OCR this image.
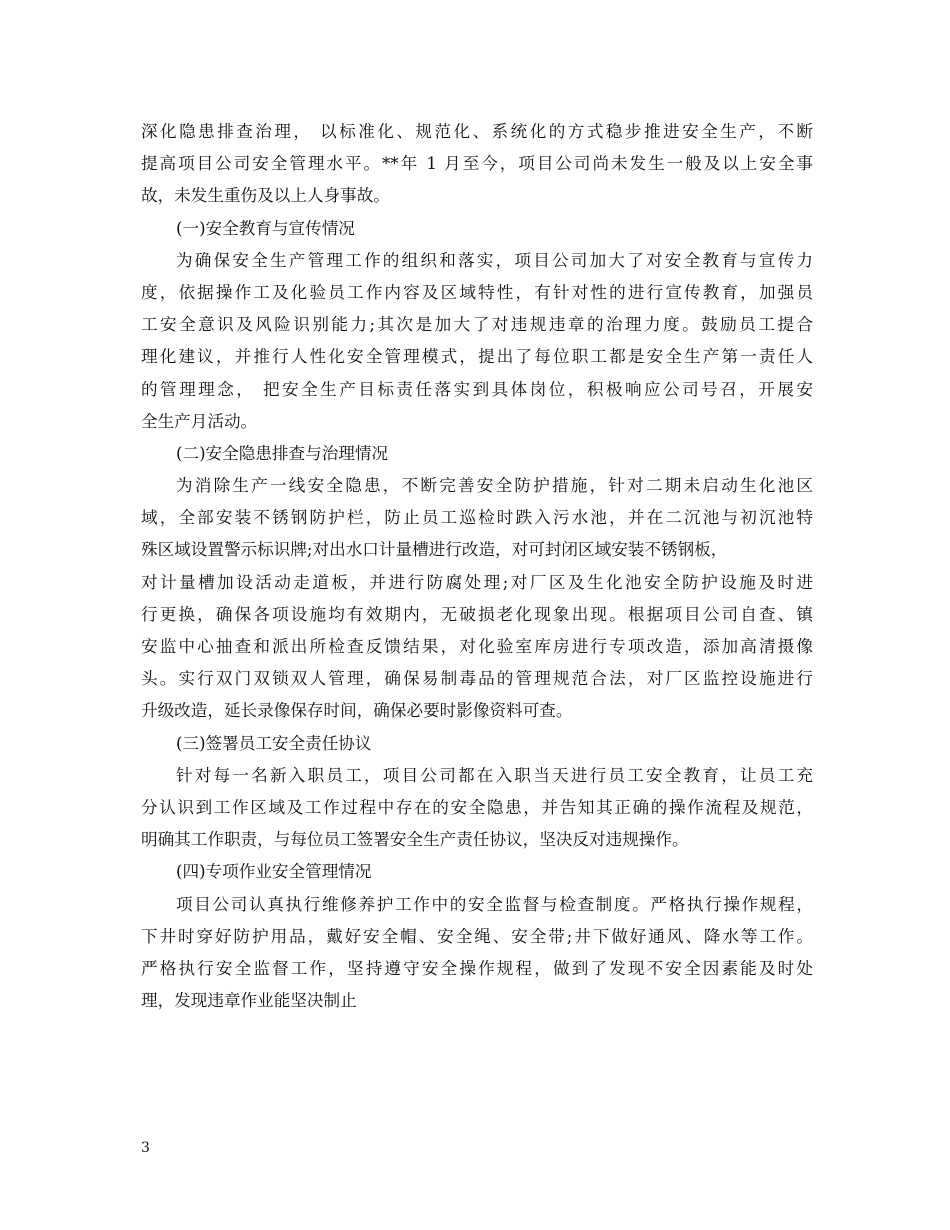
深化隐患排查治理， 以标准化、规范化、系统化的方式稳步推进安全生产，不断
提高项目公司安全管理水平。**年 1 月至今，项目公司尚未发生一般及以上安全事
故，未发生重伤及以上人身事故。
(一)安全教育与宣传情况
为确保安全生产管理工作的组织和落实，项目公司加大了对安全教育与宣传力
度，依据操作工及化验员工作内容及区域特性，有针对性的进行宣传教育，加强员
工安全意识及风险识别能力;其次是加大了对违规违章的治理力度。鼓励员工提合
理化建议，并推行人性化安全管理模式，提出了每位职工都是安全生产第一责任人
的管理理念， 把安全生产目标责任落实到具体岗位，积极响应公司号召，开展安
全生产月活动。
(二)安全隐患排查与治理情况
为消除生产一线安全隐患，不断完善安全防护措施，针对二期未启动生化池区
域，全部安装不锈钢防护栏，防止员工巡检时跌入污水池，并在二沉池与初沉池特
殊区域设置警示标识牌;对出水口计量槽进行改造，对可封闭区域安装不锈钢板，
对计量槽加设活动走道板，并进行防腐处理;对厂区及生化池安全防护设施及时进
行更换，确保各项设施均有效期内，无破损老化现象出现。根据项目公司自查、镇
安监中心抽查和派出所检查反馈结果，对化验室库房进行专项改造，添加高清摄像
头。实行双门双锁双人管理，确保易制毒品的管理规范合法，对厂区监控设施进行
升级改造，延长录像保存时间，确保必要时影像资料可查。
(三)签署员工安全责任协议
针对每一名新入职员工，项目公司都在入职当天进行员工安全教育，让员工充
分认识到工作区域及工作过程中存在的安全隐患，并告知其正确的操作流程及规范，
明确其工作职责，与每位员工签署安全生产责任协议，坚决反对违规操作。
(四)专项作业安全管理情况
项目公司认真执行维修养护工作中的安全监督与检查制度。严格执行操作规程，
下井时穿好防护用品，戴好安全帽、安全绳、安全带;井下做好通风、降水等工作。
严格执行安全监督工作，坚持遵守安全操作规程，做到了发现不安全因素能及时处
理，发现违章作业能坚决制止
3
